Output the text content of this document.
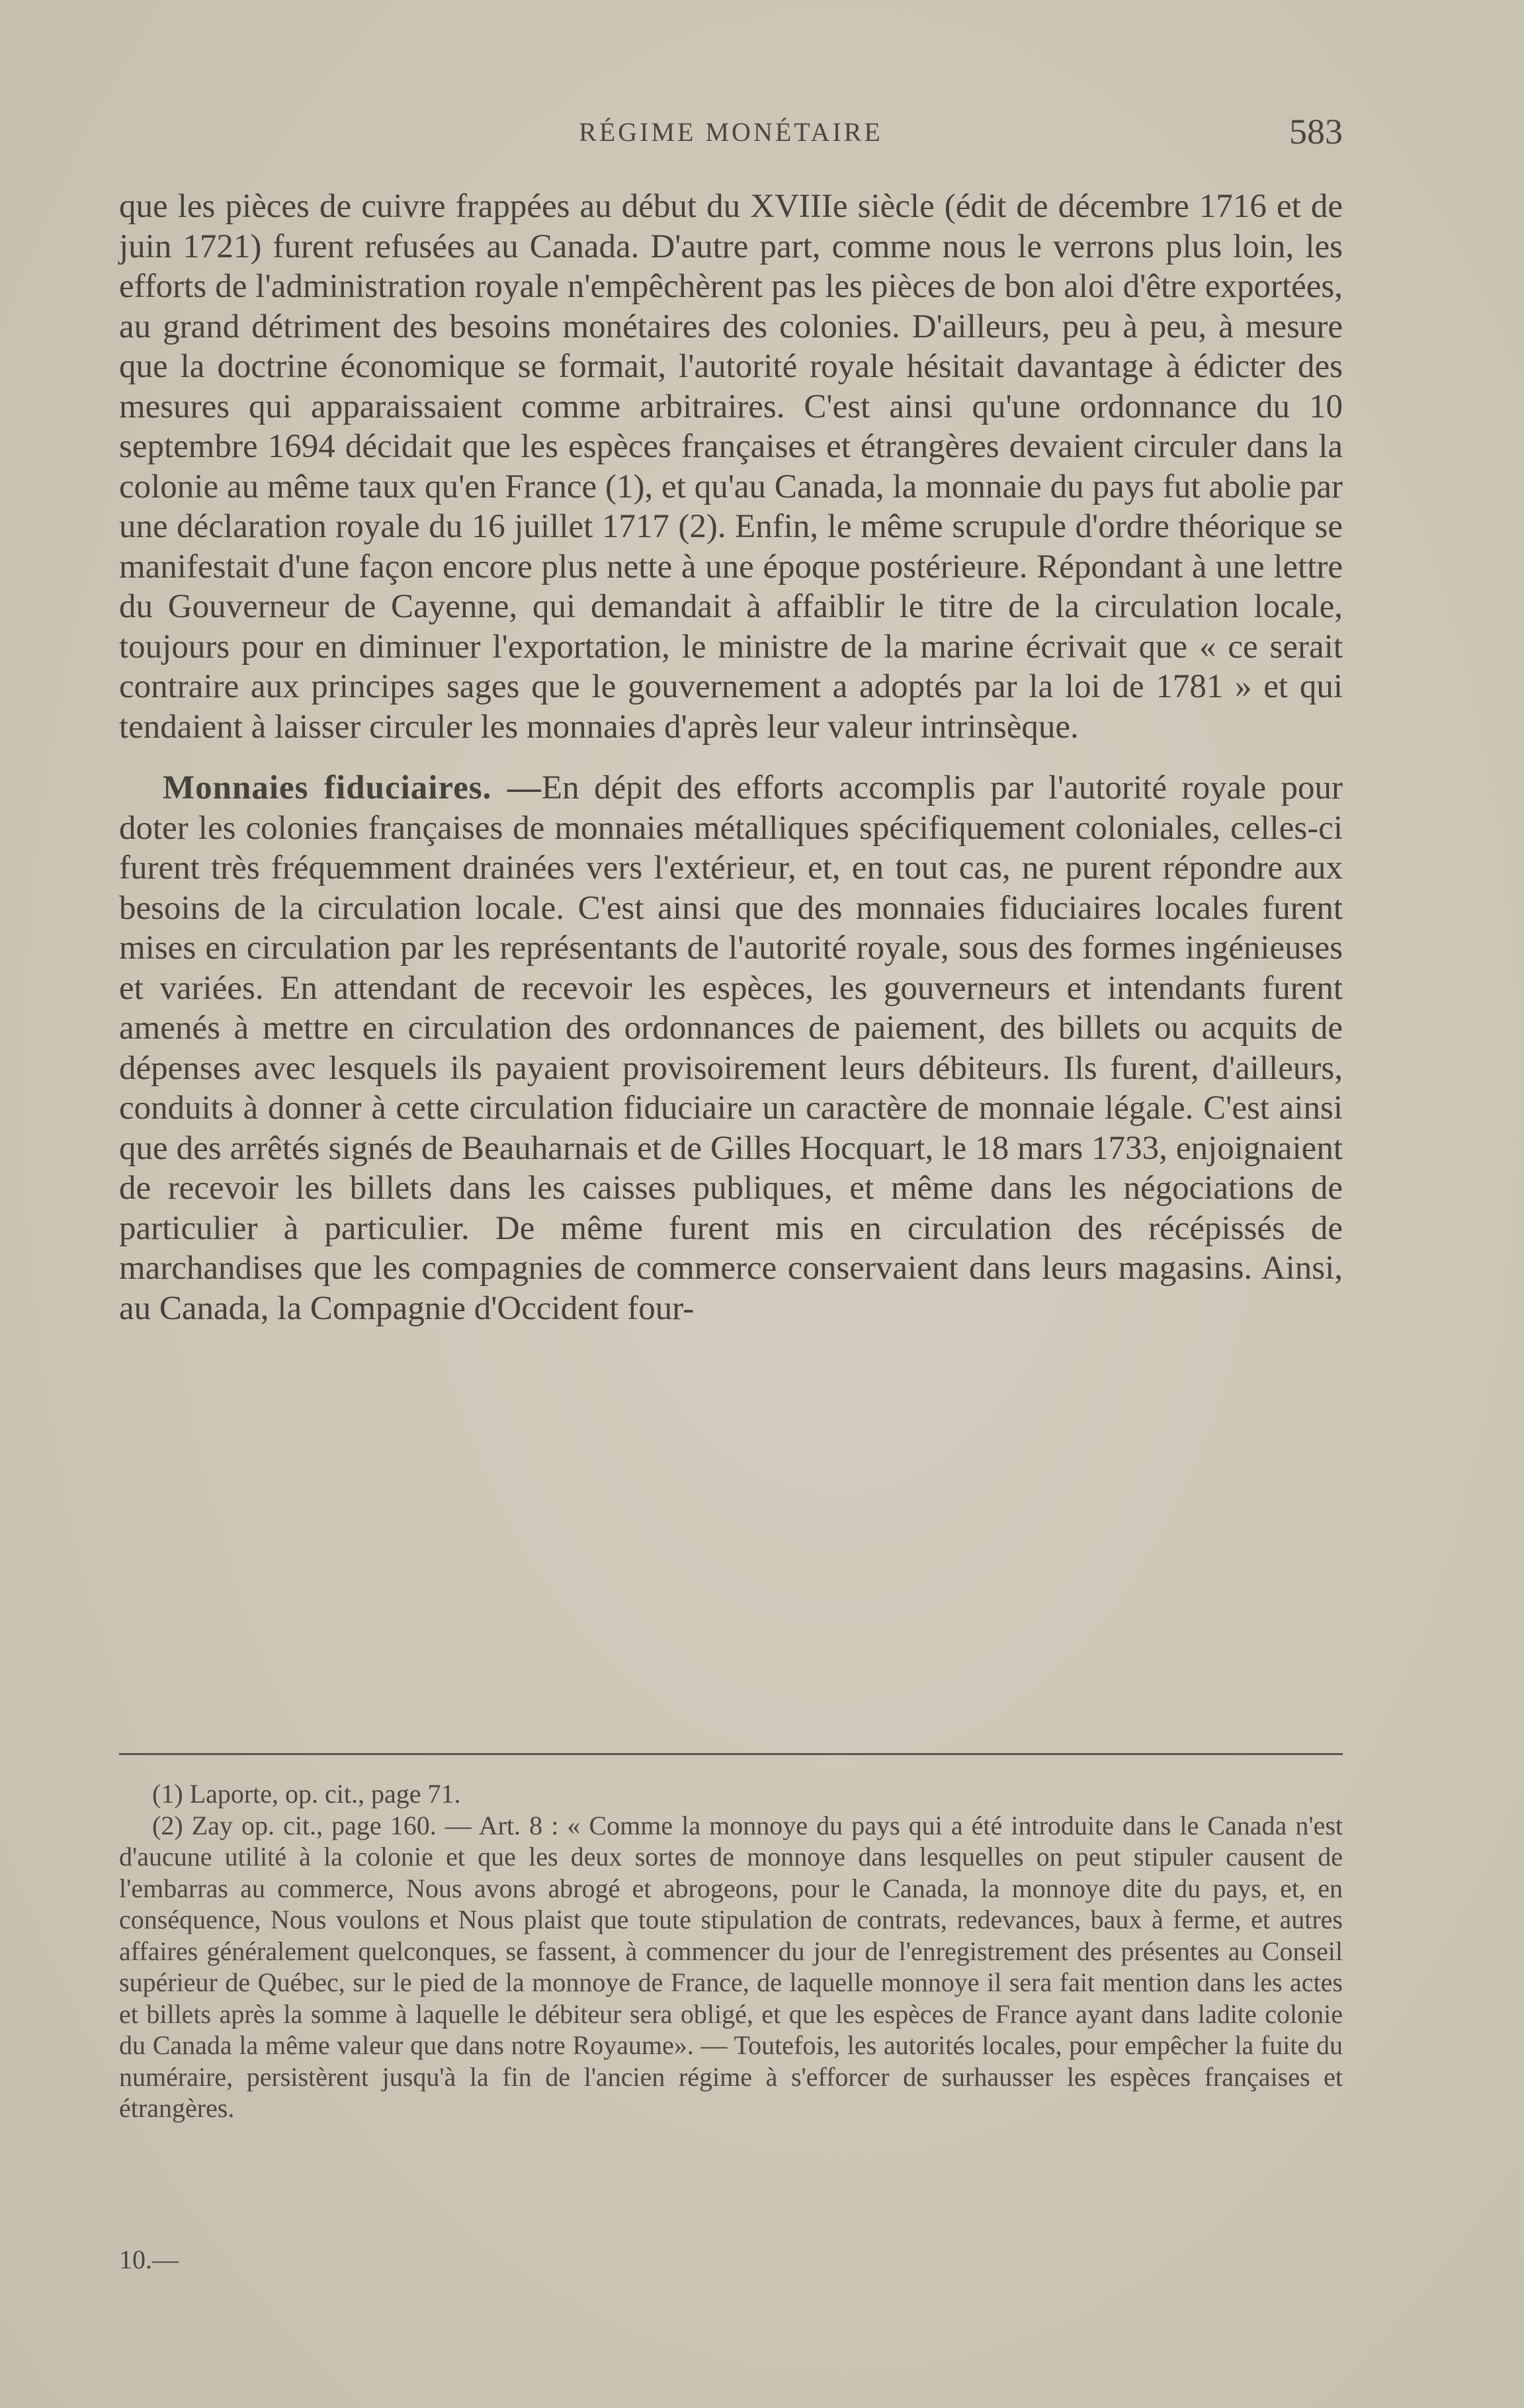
RÉGIME MONÉTAIRE	583

que les pièces de cuivre frappées au début du XVIIIe siècle (édit de décembre 1716 et de juin 1721) furent refusées au Canada. D'autre part, comme nous le verrons plus loin, les efforts de l'administration royale n'empêchèrent pas les pièces de bon aloi d'être exportées, au grand détriment des besoins monétaires des colonies. D'ailleurs, peu à peu, à mesure que la doctrine économique se formait, l'autorité royale hésitait davantage à édicter des mesures qui apparaissaient comme arbitraires. C'est ainsi qu'une ordonnance du 10 septembre 1694 décidait que les espèces françaises et étrangères devaient circuler dans la colonie au même taux qu'en France (1), et qu'au Canada, la monnaie du pays fut abolie par une déclaration royale du 16 juillet 1717 (2). Enfin, le même scrupule d'ordre théorique se manifestait d'une façon encore plus nette à une époque postérieure. Répondant à une lettre du Gouverneur de Cayenne, qui demandait à affaiblir le titre de la circulation locale, toujours pour en diminuer l'exportation, le ministre de la marine écrivait que « ce serait contraire aux principes sages que le gouvernement a adoptés par la loi de 1781 » et qui tendaient à laisser circuler les monnaies d'après leur valeur intrinsèque.

Monnaies fiduciaires. —En dépit des efforts accomplis par l'autorité royale pour doter les colonies françaises de monnaies métalliques spécifiquement coloniales, celles-ci furent très fréquemment drainées vers l'extérieur, et, en tout cas, ne purent répondre aux besoins de la circulation locale. C'est ainsi que des monnaies fiduciaires locales furent mises en circulation par les représentants de l'autorité royale, sous des formes ingénieuses et variées. En attendant de recevoir les espèces, les gouverneurs et intendants furent amenés à mettre en circulation des ordonnances de paiement, des billets ou acquits de dépenses avec lesquels ils payaient provisoirement leurs débiteurs. Ils furent, d'ailleurs, conduits à donner à cette circulation fiduciaire un caractère de monnaie légale. C'est ainsi que des arrêtés signés de Beauharnais et de Gilles Hocquart, le 18 mars 1733, enjoignaient de recevoir les billets dans les caisses publiques, et même dans les négociations de particulier à particulier. De même furent mis en circulation des récépissés de marchandises que les compagnies de commerce conservaient dans leurs magasins. Ainsi, au Canada, la Compagnie d'Occident four-

(1) Laporte, op. cit., page 71.

(2) Zay op. cit., page 160. — Art. 8 : « Comme la monnoye du pays qui a été introduite dans le Canada n'est d'aucune utilité à la colonie et que les deux sortes de monnoye dans lesquelles on peut stipuler causent de l'embarras au commerce, Nous avons abrogé et abrogeons, pour le Canada, la monnoye dite du pays, et, en conséquence, Nous voulons et Nous plaist que toute stipulation de contrats, redevances, baux à ferme, et autres affaires généralement quelconques, se fassent, à commencer du jour de l'enregistrement des présentes au Conseil supérieur de Québec, sur le pied de la monnoye de France, de laquelle monnoye il sera fait mention dans les actes et billets après la somme à laquelle le débiteur sera obligé, et que les espèces de France ayant dans ladite colonie du Canada la même valeur que dans notre Royaume». — Toutefois, les autorités locales, pour empêcher la fuite du numéraire, persistèrent jusqu'à la fin de l'ancien régime à s'efforcer de surhausser les espèces françaises et étrangères.

10.—
